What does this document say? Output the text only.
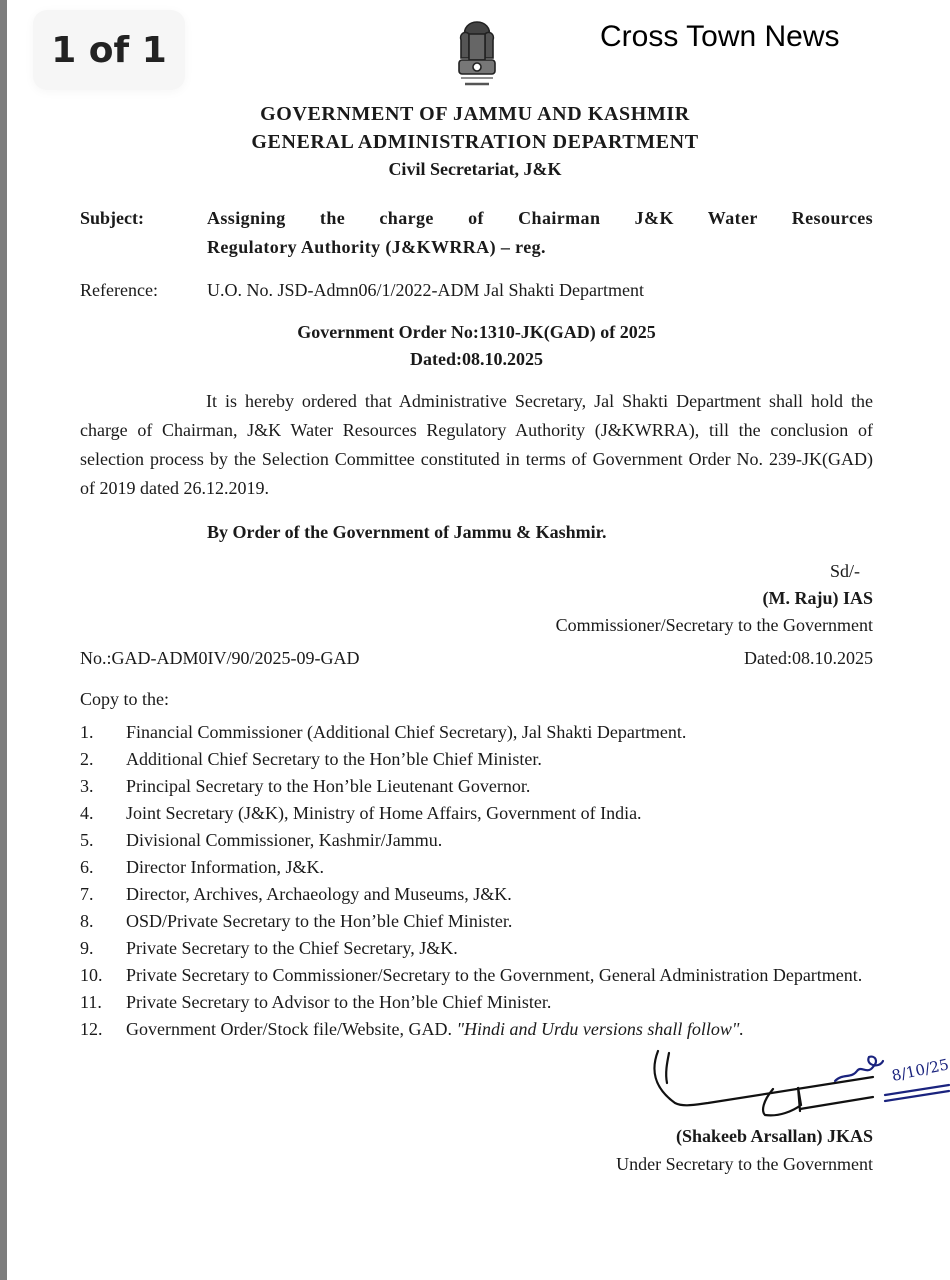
1 of 1	Cross Town News
GOVERNMENT OF JAMMU AND KASHMIR
GENERAL ADMINISTRATION DEPARTMENT
Civil Secretariat, J&K
Subject:	Assigning the charge of Chairman J&K Water Resources
Regulatory Authority (J&KWRRA) – reg.
Reference:	U.O. No. JSD-Admn06/1/2022-ADM Jal Shakti Department
Government Order No:1310-JK(GAD) of 2025
Dated:08.10.2025
It is hereby ordered that Administrative Secretary, Jal Shakti Department shall hold the charge of Chairman, J&K Water Resources Regulatory Authority (J&KWRRA), till the conclusion of selection process by the Selection Committee constituted in terms of Government Order No. 239-JK(GAD) of 2019 dated 26.12.2019.
By Order of the Government of Jammu & Kashmir.
Sd/-
(M. Raju) IAS
Commissioner/Secretary to the Government
No.:GAD-ADM0IV/90/2025-09-GAD	Dated:08.10.2025
Copy to the:
1.	Financial Commissioner (Additional Chief Secretary), Jal Shakti Department.
2.	Additional Chief Secretary to the Hon’ble Chief Minister.
3.	Principal Secretary to the Hon’ble Lieutenant Governor.
4.	Joint Secretary (J&K), Ministry of Home Affairs, Government of India.
5.	Divisional Commissioner, Kashmir/Jammu.
6.	Director Information, J&K.
7.	Director, Archives, Archaeology and Museums, J&K.
8.	OSD/Private Secretary to the Hon’ble Chief Minister.
9.	Private Secretary to the Chief Secretary, J&K.
10.	Private Secretary to Commissioner/Secretary to the Government, General Administration Department.
11.	Private Secretary to Advisor to the Hon’ble Chief Minister.
12.	Government Order/Stock file/Website, GAD. "Hindi and Urdu versions shall follow".
8/10/25
(Shakeeb Arsallan) JKAS
Under Secretary to the Government
